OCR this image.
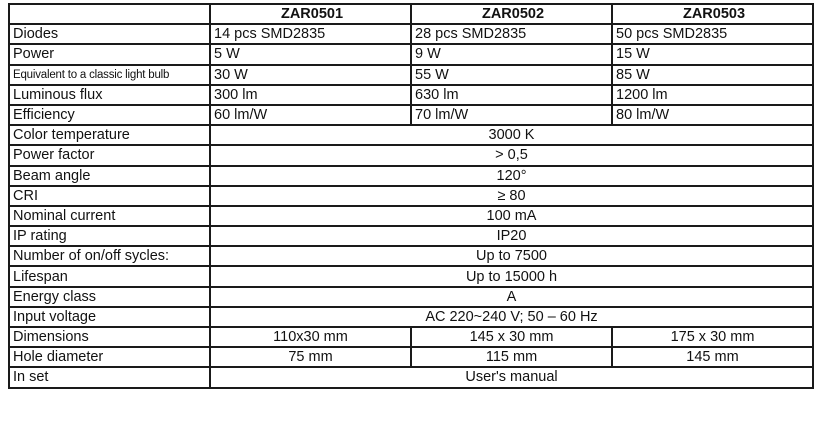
	ZAR0501	ZAR0502	ZAR0503
Diodes	14 pcs SMD2835	28 pcs SMD2835	50 pcs SMD2835
Power	5 W	9 W	15 W
Equivalent to a classic light bulb	30 W	55 W	85 W
Luminous flux	300 lm	630 lm	1200 lm
Efficiency	60 lm/W	70 lm/W	80 lm/W
Color temperature	3000 K		
Power factor	> 0,5		
Beam angle	120°		
CRI	≥ 80		
Nominal current	100 mA		
IP rating	IP20		
Number of on/off sycles:	Up to 7500		
Lifespan	Up to 15000 h		
Energy class	A		
Input voltage	AC 220~240 V; 50 – 60 Hz		
Dimensions	110x30 mm	145 x 30 mm	175 x 30 mm
Hole diameter	75 mm	115 mm	145 mm
In set	User's manual		
